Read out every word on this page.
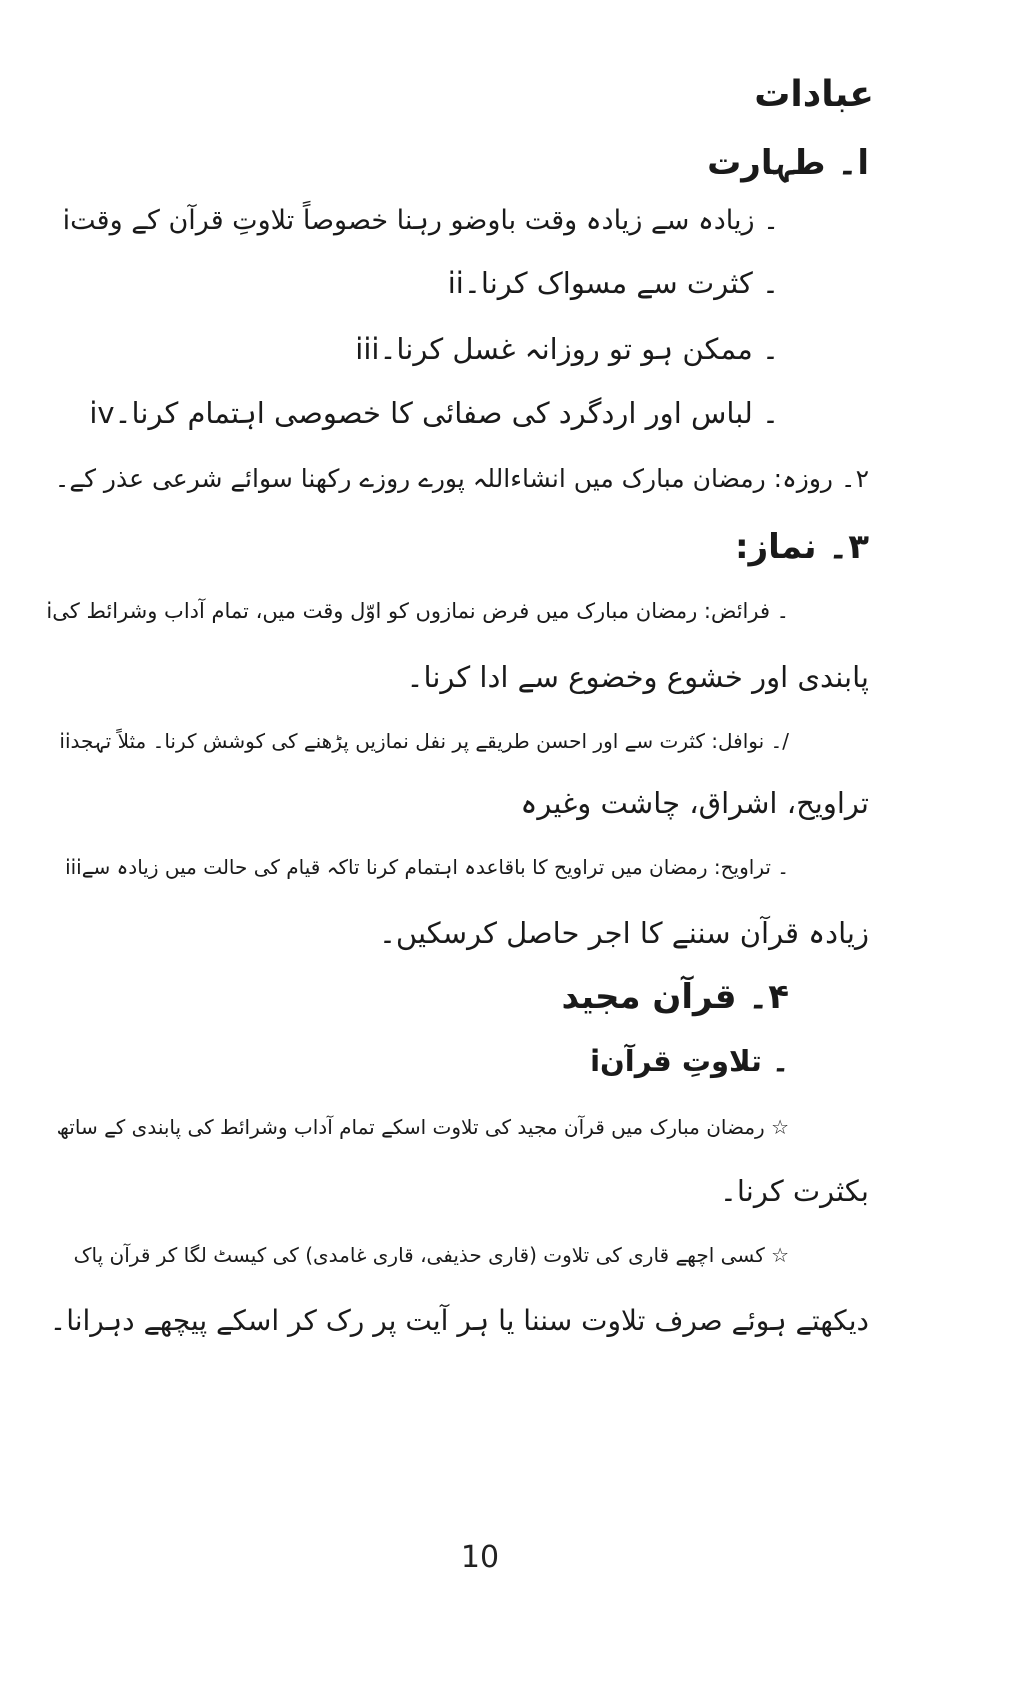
عبادات
ا۔ طہارت
i۔ زیادہ سے زیادہ وقت باوضو رہنا خصوصاً تلاوتِ قرآن کے وقت
ii۔ کثرت سے مسواک کرنا۔
iii۔ ممکن ہو تو روزانہ غسل کرنا۔
iv۔ لباس اور اردگرد کی صفائی کا خصوصی اہتمام کرنا۔
۲۔ روزہ: رمضان مبارک میں انشاءاللہ پورے روزے رکھنا سوائے شرعی عذر کے۔
۳۔ نماز:
i۔ فرائض: رمضان مبارک میں فرض نمازوں کو اوّل وقت میں، تمام آداب وشرائط کی
پابندی اور خشوع وخضوع سے ادا کرنا۔
ii۔ نوافل: کثرت سے اور احسن طریقے پر نفل نمازیں پڑھنے کی کوشش کرنا۔ مثلاً تہجد/
تراویح، اشراق، چاشت وغیرہ
iii۔ تراویح: رمضان میں تراویح کا باقاعدہ اہتمام کرنا تاکہ قیام کی حالت میں زیادہ سے
زیادہ قرآن سننے کا اجر حاصل کرسکیں۔
۴۔ قرآن مجید
i۔ تلاوتِ قرآن
☆ رمضان مبارک میں قرآن مجید کی تلاوت اسکے تمام آداب وشرائط کی پابندی کے ساتھ
بکثرت کرنا۔
☆ کسی اچھے قاری کی تلاوت (قاری حذیفی، قاری غامدی) کی کیسٹ لگا کر قرآن پاک
دیکھتے ہوئے صرف تلاوت سننا یا ہر آیت پر رک کر اسکے پیچھے دہرانا۔
10
